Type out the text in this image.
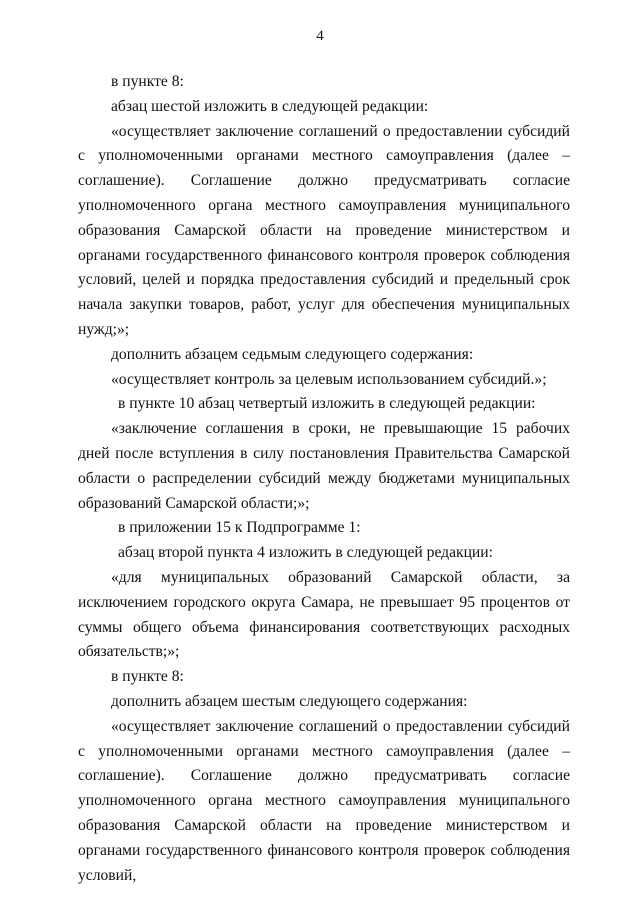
4

в пункте 8:

абзац шестой изложить в следующей редакции:

«осуществляет заключение соглашений о предоставлении субсидий с уполномоченными органами местного самоуправления (далее – соглашение). Соглашение должно предусматривать согласие уполномоченного органа местного самоуправления муниципального образования Самарской области на проведение министерством и органами государственного финансового контроля проверок соблюдения условий, целей и порядка предоставления субсидий и предельный срок начала закупки товаров, работ, услуг для обеспечения муниципальных нужд;»;

дополнить абзацем седьмым следующего содержания:

«осуществляет контроль за целевым использованием субсидий.»;

в пункте 10 абзац четвертый изложить в следующей редакции:

«заключение соглашения в сроки, не превышающие 15 рабочих дней после вступления в силу постановления Правительства Самарской области о распределении субсидий между бюджетами муниципальных образований Самарской области;»;

в приложении 15 к Подпрограмме 1:

абзац второй пункта 4 изложить в следующей редакции:

«для муниципальных образований Самарской области, за исключением городского округа Самара, не превышает 95 процентов от суммы общего объема финансирования соответствующих расходных обязательств;»;

в пункте 8:

дополнить абзацем шестым следующего содержания:

«осуществляет заключение соглашений о предоставлении субсидий с уполномоченными органами местного самоуправления (далее – соглашение). Соглашение должно предусматривать согласие уполномоченного органа местного самоуправления муниципального образования Самарской области на проведение министерством и органами государственного финансового контроля проверок соблюдения условий,
